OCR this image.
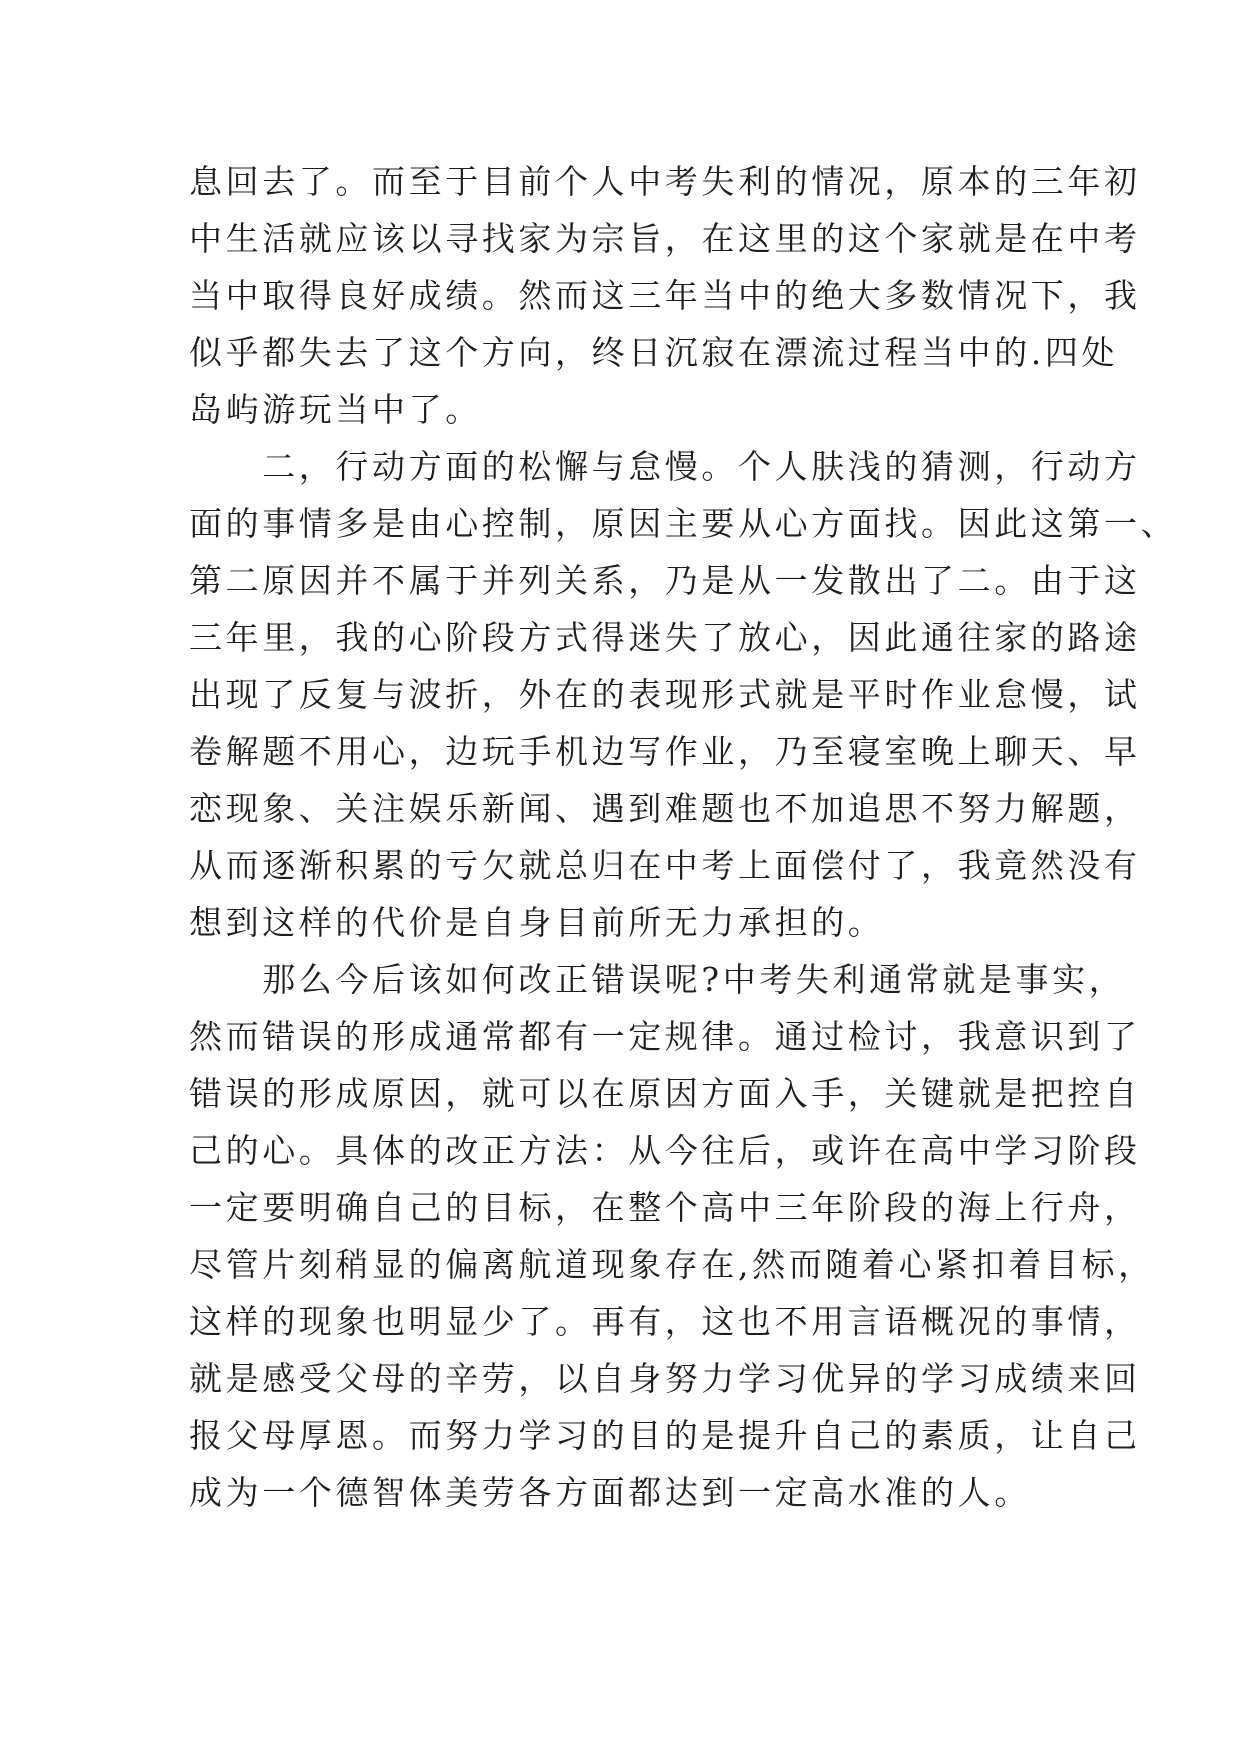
息回去了。而至于目前个人中考失利的情况，原本的三年初
中生活就应该以寻找家为宗旨，在这里的这个家就是在中考
当中取得良好成绩。然而这三年当中的绝大多数情况下，我
似乎都失去了这个方向，终日沉寂在漂流过程当中的.四处
岛屿游玩当中了。
　　二，行动方面的松懈与怠慢。个人肤浅的猜测，行动方
面的事情多是由心控制，原因主要从心方面找。因此这第一、
第二原因并不属于并列关系，乃是从一发散出了二。由于这
三年里，我的心阶段方式得迷失了放心，因此通往家的路途
出现了反复与波折，外在的表现形式就是平时作业怠慢，试
卷解题不用心，边玩手机边写作业，乃至寝室晚上聊天、早
恋现象、关注娱乐新闻、遇到难题也不加追思不努力解题，
从而逐渐积累的亏欠就总归在中考上面偿付了，我竟然没有
想到这样的代价是自身目前所无力承担的。
　　那么今后该如何改正错误呢?中考失利通常就是事实，
然而错误的形成通常都有一定规律。通过检讨，我意识到了
错误的形成原因，就可以在原因方面入手，关键就是把控自
己的心。具体的改正方法：从今往后，或许在高中学习阶段
一定要明确自己的目标，在整个高中三年阶段的海上行舟，
尽管片刻稍显的偏离航道现象存在,然而随着心紧扣着目标，
这样的现象也明显少了。再有，这也不用言语概况的事情，
就是感受父母的辛劳，以自身努力学习优异的学习成绩来回
报父母厚恩。而努力学习的目的是提升自己的素质，让自己
成为一个德智体美劳各方面都达到一定高水准的人。
